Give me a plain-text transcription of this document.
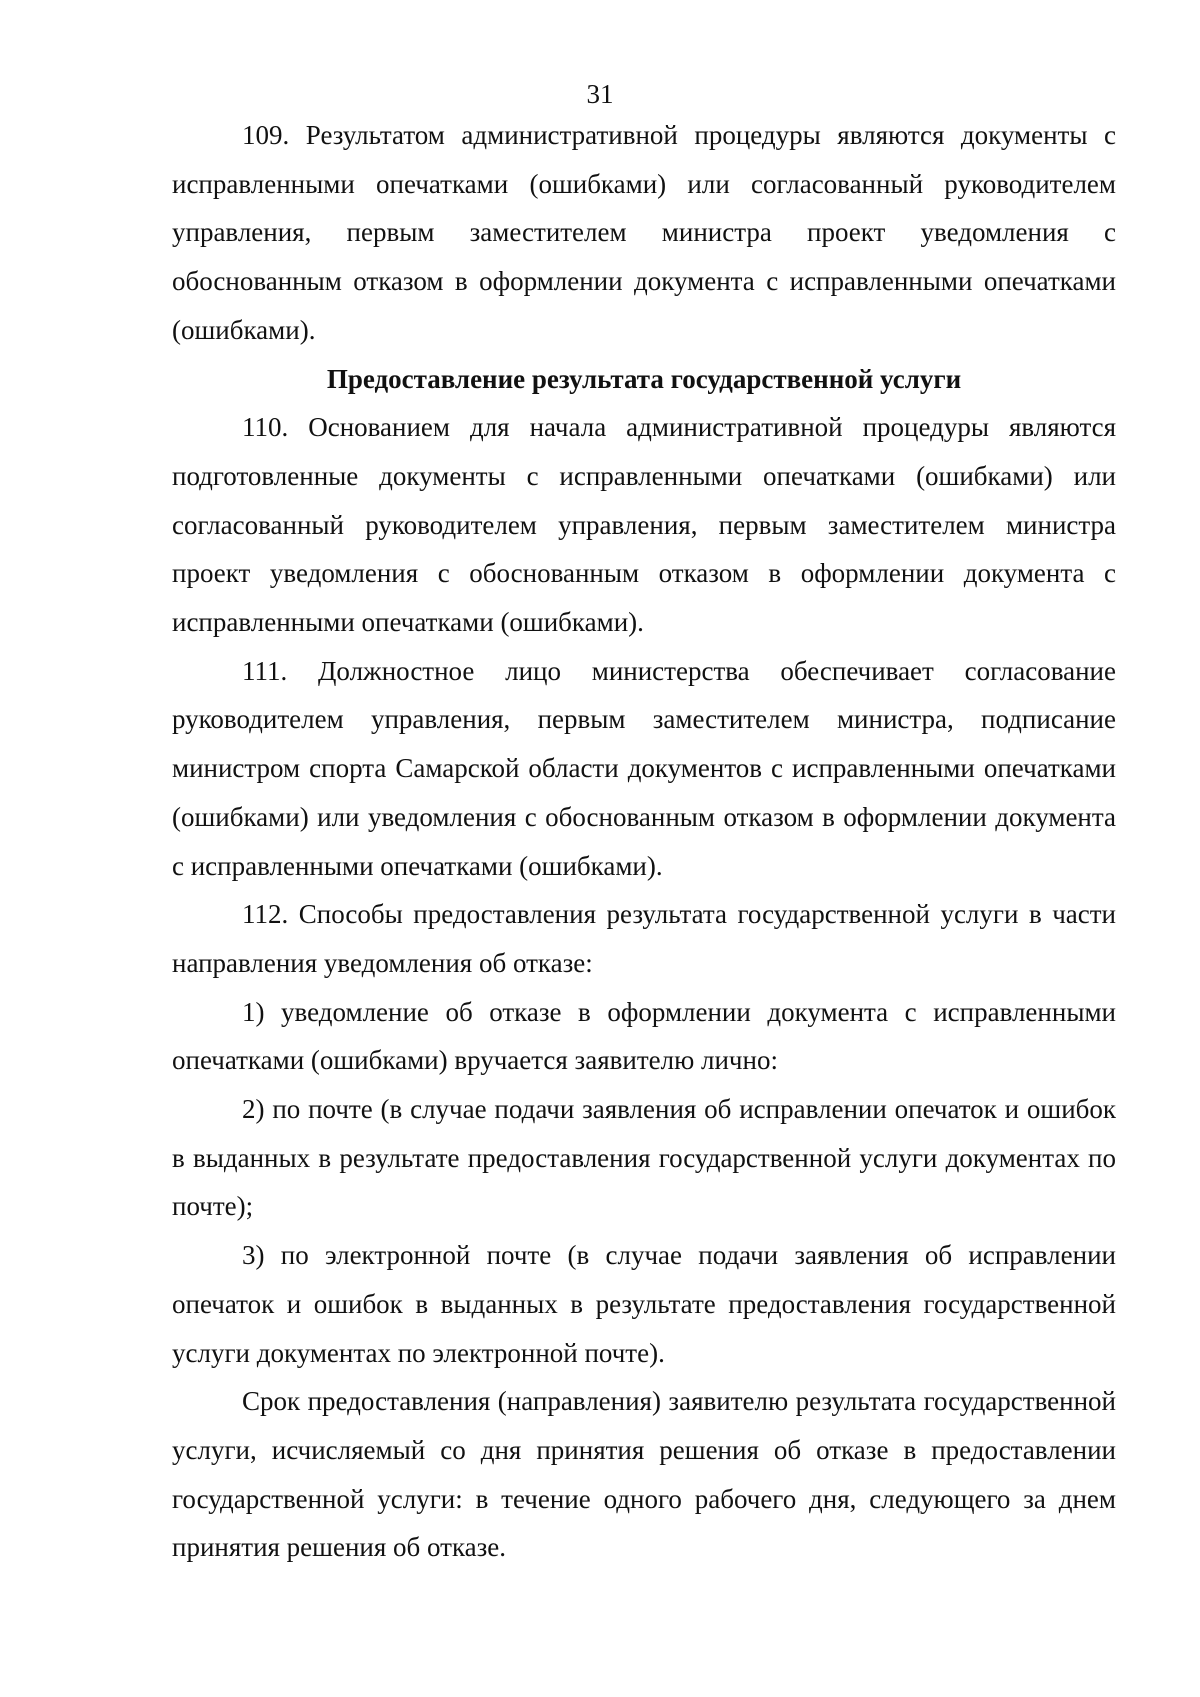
31

109. Результатом административной процедуры являются документы с исправленными опечатками (ошибками) или согласованный руководителем управления, первым заместителем министра проект уведомления с обоснованным отказом в оформлении документа с исправленными опечатками (ошибками).

Предоставление результата государственной услуги

110. Основанием для начала административной процедуры являются подготовленные документы с исправленными опечатками (ошибками) или согласованный руководителем управления, первым заместителем министра проект уведомления с обоснованным отказом в оформлении документа с исправленными опечатками (ошибками).

111. Должностное лицо министерства обеспечивает согласование руководителем управления, первым заместителем министра, подписание министром спорта Самарской области документов с исправленными опечатками (ошибками) или уведомления с обоснованным отказом в оформлении документа с исправленными опечатками (ошибками).

112. Способы предоставления результата государственной услуги в части направления уведомления об отказе:

1) уведомление об отказе в оформлении документа с исправленными опечатками (ошибками) вручается заявителю лично:

2) по почте (в случае подачи заявления об исправлении опечаток и ошибок в выданных в результате предоставления государственной услуги документах по почте);

3) по электронной почте (в случае подачи заявления об исправлении опечаток и ошибок в выданных в результате предоставления государственной услуги документах по электронной почте).

Срок предоставления (направления) заявителю результата государственной услуги, исчисляемый со дня принятия решения об отказе в предоставлении государственной услуги: в течение одного рабочего дня, следующего за днем принятия решения об отказе.
